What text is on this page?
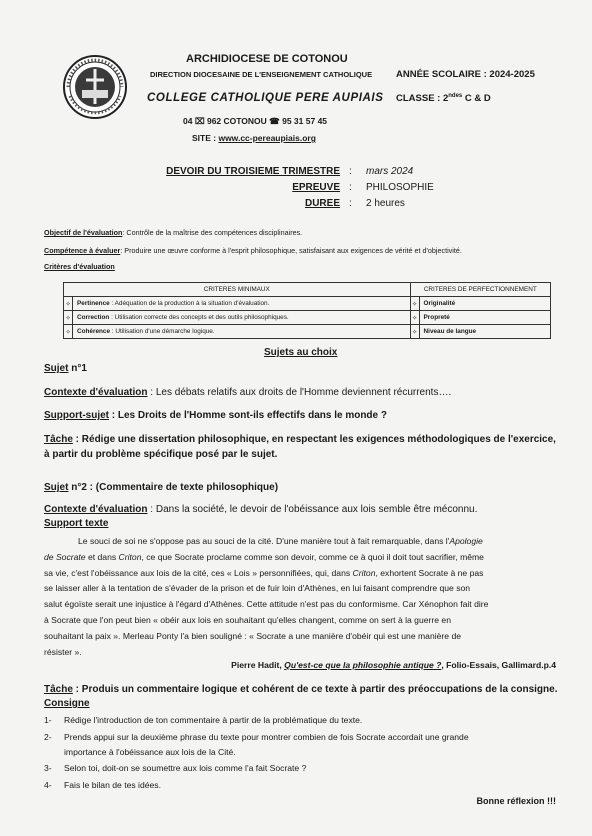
ARCHIDIOCESE DE COTONOU
DIRECTION DIOCESAINE DE L'ENSEIGNEMENT CATHOLIQUE	ANNÉE SCOLAIRE : 2024-2025
COLLEGE CATHOLIQUE PERE AUPIAIS CLASSE : $2^{ndes}$ C & D
04 ⌧ 962 COTONOU ☎ 95 31 57 45
SITE : www.cc-pereaupiais.org
DEVOIR DU TROISIEME TRIMESTRE : mars 2024
EPREUVE : PHILOSOPHIE
DUREE : 2 heures
Objectif de l'évaluation: Contrôle de la maîtrise des compétences disciplinaires.
Compétence à évaluer: Produire une œuvre conforme à l'esprit philosophique, satisfaisant aux exigences de vérité et d'objectivité.
Critères d'évaluation
CRITERES MINIMAUX		CRITERES DE PERFECTIONNEMENT	
✧	Pertinence : Adéquation de la production à la situation d'évaluation.	✧	Originalité
✧	Correction : Utilisation correcte des concepts et des outils philosophiques.	✧	Propreté
✧	Cohérence : Utilisation d'une démarche logique.	✧	Niveau de langue
Sujets au choix
Sujet n°1
Contexte d'évaluation : Les débats relatifs aux droits de l'Homme deviennent récurrents….
Support-sujet : Les Droits de l'Homme sont-ils effectifs dans le monde ?
Tâche : Rédige une dissertation philosophique, en respectant les exigences méthodologiques de l'exercice,
à partir du problème spécifique posé par le sujet.
Sujet n°2 : (Commentaire de texte philosophique)
Contexte d'évaluation : Dans la société, le devoir de l'obéissance aux lois semble être méconnu.
Support texte
Le souci de soi ne s'oppose pas au souci de la cité. D'une manière tout à fait remarquable, dans l'Apologie
de Socrate et dans Criton, ce que Socrate proclame comme son devoir, comme ce à quoi il doit tout sacrifier, même
sa vie, c'est l'obéissance aux lois de la cité, ces « Lois » personnifiées, qui, dans Criton, exhortent Socrate à ne pas
se laisser aller à la tentation de s'évader de la prison et de fuir loin d'Athènes, en lui faisant comprendre que son
salut égoïste serait une injustice à l'égard d'Athènes. Cette attitude n'est pas du conformisme. Car Xénophon fait dire
à Socrate que l'on peut bien « obéir aux lois en souhaitant qu'elles changent, comme on sert à la guerre en
souhaitant la paix ». Merleau Ponty l'a bien souligné : « Socrate a une manière d'obéir qui est une manière de
résister ».
Pierre Hadit, Qu'est-ce que la philosophie antique ?, Folio-Essais, Gallimard.p.4
Tâche : Produis un commentaire logique et cohérent de ce texte à partir des préoccupations de la consigne.
Consigne
1- Rédige l'introduction de ton commentaire à partir de la problématique du texte.
2- Prends appui sur la deuxième phrase du texte pour montrer combien de fois Socrate accordait une grande
importance à l'obéissance aux lois de la Cité.
3- Selon toi, doit-on se soumettre aux lois comme l'a fait Socrate ?
4- Fais le bilan de tes idées.
Bonne réflexion !!!
